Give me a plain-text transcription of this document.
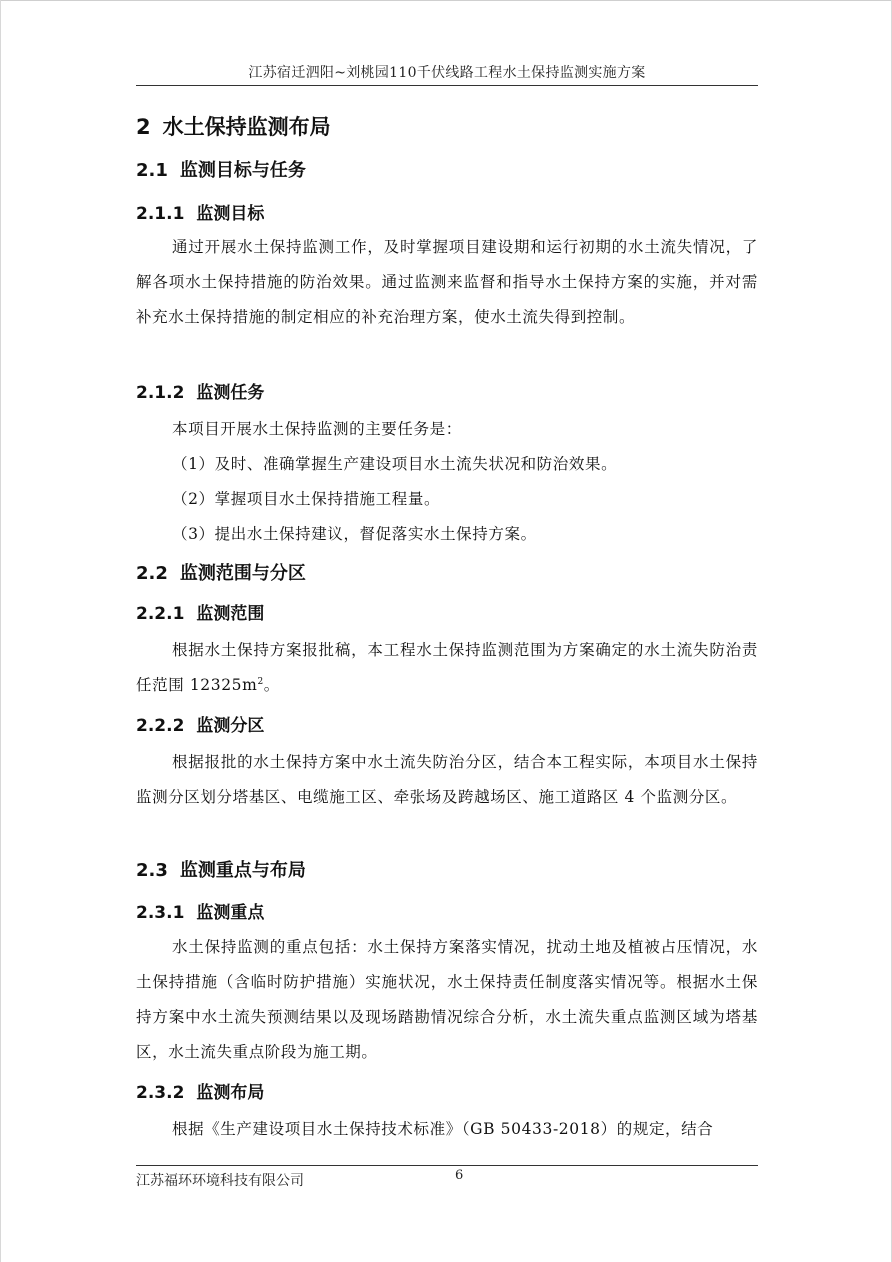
江苏宿迁泗阳~刘桃园110千伏线路工程水土保持监测实施方案
2 水土保持监测布局
2.1 监测目标与任务
2.1.1 监测目标
通过开展水土保持监测工作，及时掌握项目建设期和运行初期的水土流失情况，了解各项水土保持措施的防治效果。通过监测来监督和指导水土保持方案的实施，并对需补充水土保持措施的制定相应的补充治理方案，使水土流失得到控制。
2.1.2 监测任务
本项目开展水土保持监测的主要任务是：
（1）及时、准确掌握生产建设项目水土流失状况和防治效果。
（2）掌握项目水土保持措施工程量。
（3）提出水土保持建议，督促落实水土保持方案。
2.2 监测范围与分区
2.2.1 监测范围
根据水土保持方案报批稿，本工程水土保持监测范围为方案确定的水土流失防治责任范围 $12325m^2$。
2.2.2 监测分区
根据报批的水土保持方案中水土流失防治分区，结合本工程实际，本项目水土保持监测分区划分塔基区、电缆施工区、牵张场及跨越场区、施工道路区 4 个监测分区。
2.3 监测重点与布局
2.3.1 监测重点
水土保持监测的重点包括：水土保持方案落实情况，扰动土地及植被占压情况，水土保持措施（含临时防护措施）实施状况，水土保持责任制度落实情况等。根据水土保持方案中水土流失预测结果以及现场踏勘情况综合分析，水土流失重点监测区域为塔基区，水土流失重点阶段为施工期。
2.3.2 监测布局
根据《生产建设项目水土保持技术标准》（GB 50433-2018）的规定，结合
江苏福环环境科技有限公司	6
